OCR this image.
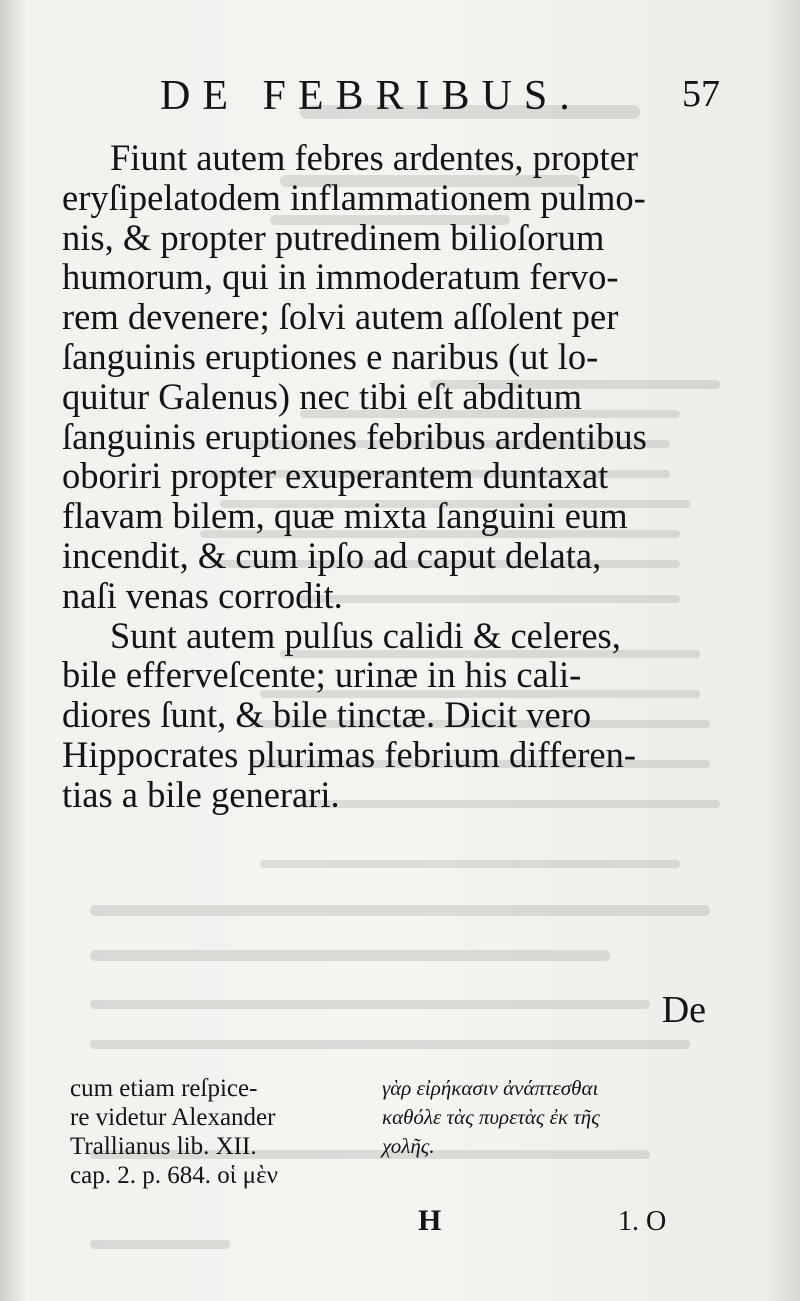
DE FEBRIBUS.	57

Fiunt autem febres ardentes, propter
eryſipelatodem inflammationem pulmo-
nis, & propter putredinem bilioſorum
humorum, qui in immoderatum fervo-
rem devenere; ſolvi autem aſſolent per
ſanguinis eruptiones e naribus (ut lo-
quitur Galenus) nec tibi eſt abditum
ſanguinis eruptiones febribus ardentibus
oboriri propter exuperantem duntaxat
flavam bilem, quæ mixta ſanguini eum
incendit, & cum ipſo ad caput delata,
naſi venas corrodit.

Sunt autem pulſus calidi & celeres,
bile efferveſcente; urinæ in his cali-
diores ſunt, & bile tinctæ. Dicit vero
Hippocrates plurimas febrium differen-
tias a bile generari.

De
cum etiam reſpice-
re videtur Alexander
Trallianus lib. XII.
cap. 2. p. 684. οἱ μὲν
γὰρ εἰρήκασιν ἀνάπτεσθαι
καθόλε τὰς πυρετὰς ἐκ τῆς
χολῆς.
H	1. O
